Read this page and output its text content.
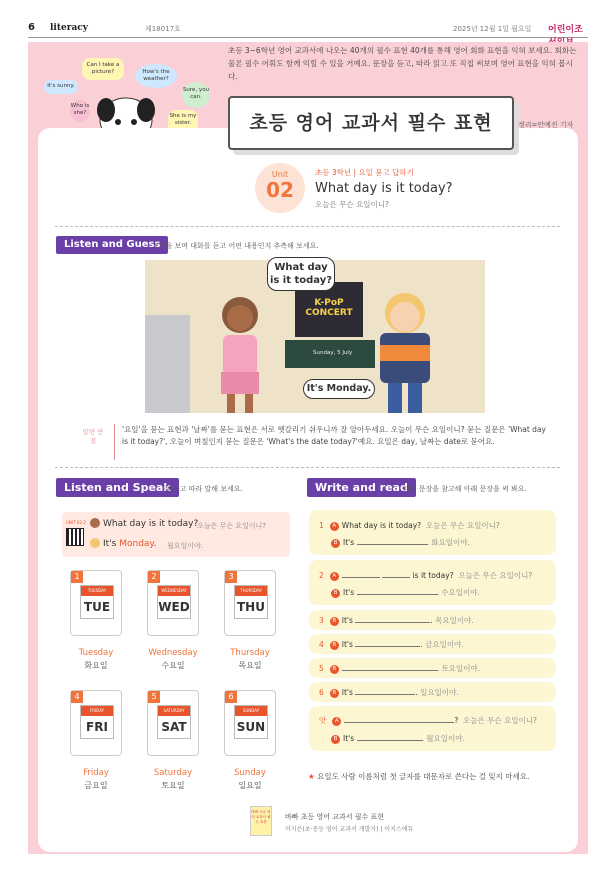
6 literacy	제18017호	2025년 12월 1일 월요일 어린이조
Can I take a picture?	How's the weather?
It's sunny.
Who is she?
Sure, you can.
She is my sister.
초등 3~6학년 영어 교과서에 나오는 40개의 필수 표현 40개를 통해 영어 회화 표현을 익혀 보세요. 회화는 물론 필수 어휘도 함께 익힐 수 있을 거예요. 문장을 듣고, 따라 읽고 또 직접 써보며 영어 표현을 익혀 봅시다.
초등 영어 교과서 필수 표현	정리=안예진 기자
Unit
02
초등 3학년 | 요일 묻고 답하기
What day is it today?
오늘은 무슨 요일이니?
Listen and Guess
그림을 보며 대화를 듣고 어떤 내용인지 추측해 보세요.
K-PoP CONCERT
Sunday, 5 July
What day is it today?
It's Monday.
알면 만점
'요일'을 묻는 표현과 '날짜'를 묻는 표현은 서로 헷갈리기 쉬우니까 잘 알아두세요. 오늘이 무슨 요일이니? 묻는 질문은 'What day is it today?', 오늘이 며칠인지 묻는 질문은 'What's the date today?'예요. 요일은 day, 날짜는 date로 묻어요.
Listen and Speak
잘 듣고 따라 말해 보세요.
UNIT 02-2 What day is it today?
오늘은 무슨 요일이니?
It's Monday. 월요일이야.
1
TUESDAY
TUE
Tuesday
화요일
2
WEDNESDAY
WED
Wednesday
수요일
3
THURSDAY
THU
Thursday
목요일
4
FRIDAY
FRI
Friday
금요일
5
SATURDAY
SAT
Saturday
토요일
6
SUNDAY
SUN
Sunday
일요일
Write and read
패턴 문장을 참고해 아래 문장을 써 봐요.
1 A What day is it today? 오늘은 무슨 요일이니?
B It's	. 화요일이야.
2 A	is it today? 오늘은 무슨 요일이니?
B It's	. 수요일이야.
3 B It's	. 목요일이야.
4 B It's	. 금요일이야.
5 B	. 토요일이야.
6 B It's	. 일요일이야.
앗 A	? 오늘은 무슨 요일이니?
B It's	. 월요일이야.
★ 요일도 사람 이름처럼 첫 글자를 대문자로 쓴다는 걸 잊지 마세요.
바빠 초등 영어 교과서 필수 표현
바빠 초등 영어 교과서 필수 표현
이지은(초·중등 영어 교과서 개발자) | 이지스에듀
